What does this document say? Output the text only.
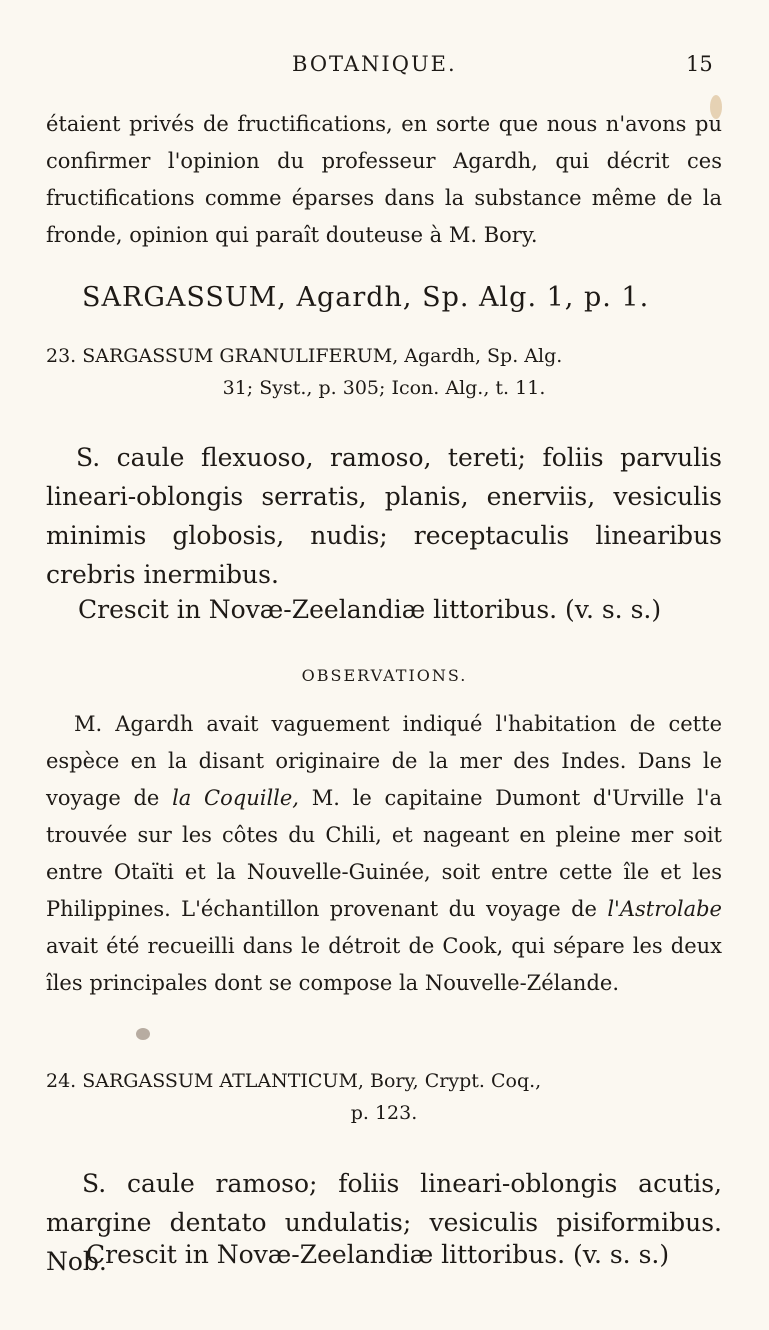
BOTANIQUE.	15

étaient privés de fructifications, en sorte que nous n'avons pu confirmer l'opinion du professeur Agardh, qui décrit ces fructifications comme éparses dans la substance même de la fronde, opinion qui paraît douteuse à M. Bory.

SARGASSUM, Agardh, Sp. Alg. 1, p. 1.
23. SARGASSUM GRANULIFERUM, Agardh, Sp. Alg.
31; Syst., p. 305; Icon. Alg., t. 11.

S. caule flexuoso, ramoso, tereti; foliis parvulis lineari-oblongis serratis, planis, enerviis, vesiculis minimis globosis, nudis; receptaculis linearibus crebris inermibus.

Crescit in Novæ-Zeelandiæ littoribus. (v. s. s.)
OBSERVATIONS.

M. Agardh avait vaguement indiqué l'habitation de cette espèce en la disant originaire de la mer des Indes. Dans le voyage de la Coquille, M. le capitaine Dumont d'Urville l'a trouvée sur les côtes du Chili, et nageant en pleine mer soit entre Otaïti et la Nouvelle-Guinée, soit entre cette île et les Philippines. L'échantillon provenant du voyage de l'Astrolabe avait été recueilli dans le détroit de Cook, qui sépare les deux îles principales dont se compose la Nouvelle-Zélande.

24. SARGASSUM ATLANTICUM, Bory, Crypt. Coq.,
p. 123.

S. caule ramoso; foliis lineari-oblongis acutis, margine dentato undulatis; vesiculis pisiformibus. Nob.

Crescit in Novæ-Zeelandiæ littoribus. (v. s. s.)
